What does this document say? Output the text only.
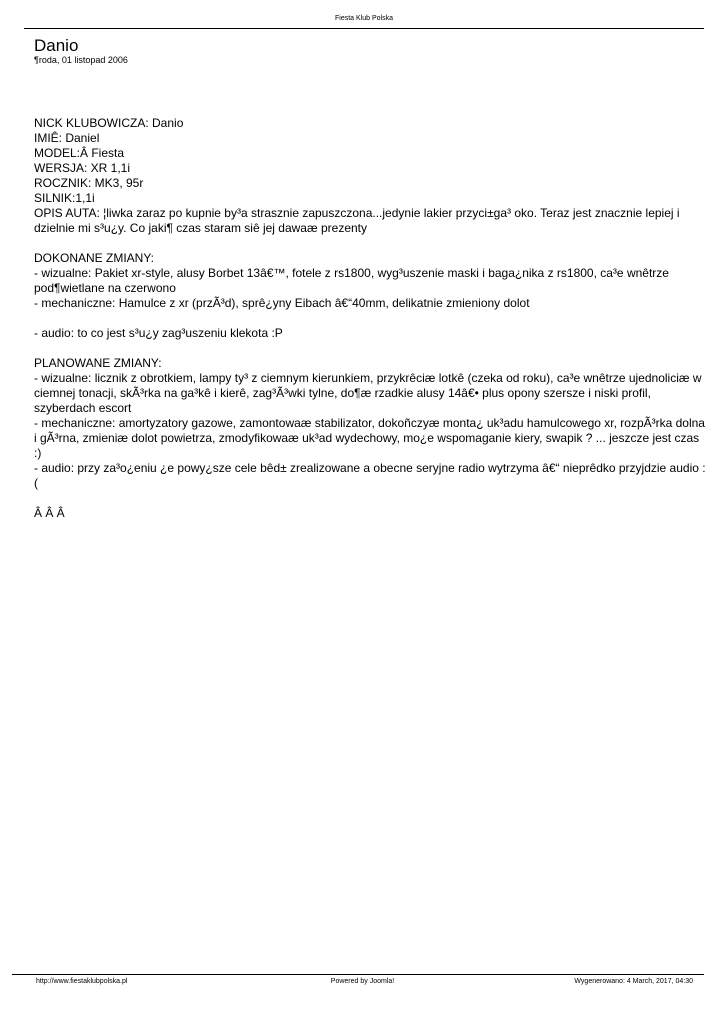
Fiesta Klub Polska
Danio
¶roda, 01 listopad 2006
NICK KLUBOWICZA: Danio
IMIÊ: Daniel
MODEL:Â Fiesta
WERSJA: XR 1,1i
ROCZNIK: MK3, 95r
SILNIK:1,1i
OPIS AUTA: ¦liwka zaraz po kupnie by³a strasznie zapuszczona...jedynie lakier przyci±ga³ oko. Teraz jest znacznie lepiej i dzielnie mi s³u¿y. Co jaki¶ czas staram siê jej dawaæ prezenty
DOKONANE ZMIANY:
- wizualne: Pakiet xr-style, alusy Borbet 13â€™, fotele z rs1800, wyg³uszenie maski i baga¿nika z rs1800, ca³e wnêtrze pod¶wietlane na czerwono
- mechaniczne: Hamulce z xr (przÃ³d), sprê¿yny Eibach â€“40mm, delikatnie zmieniony dolot
- audio: to co jest s³u¿y zag³uszeniu klekota :P
PLANOWANE ZMIANY:
- wizualne: licznik z obrotkiem, lampy ty³ z ciemnym kierunkiem, przykrêciæ lotkê (czeka od roku), ca³e wnêtrze ujednoliciæ w ciemnej tonacji, skÃ³rka na ga³kê i kierê, zag³Ã³wki tylne, do¶æ rzadkie alusy 14â€• plus opony szersze i niski profil, szyberdach escort
- mechaniczne: amortyzatory gazowe, zamontowaæ stabilizator, dokoñczyæ monta¿ uk³adu hamulcowego xr, rozpÃ³rka dolna i gÃ³rna, zmieniæ dolot powietrza, zmodyfikowaæ uk³ad wydechowy, mo¿e wspomaganie kiery, swapik ? ... jeszcze jest czas :)
- audio: przy za³o¿eniu ¿e powy¿sze cele bêd± zrealizowane a obecne seryjne radio wytrzyma â€“ nieprêdko przyjdzie audio :(
Â Â Â
http://www.fiestaklubpolska.pl	Powered by Joomla!	Wygenerowano: 4 March, 2017, 04:30
